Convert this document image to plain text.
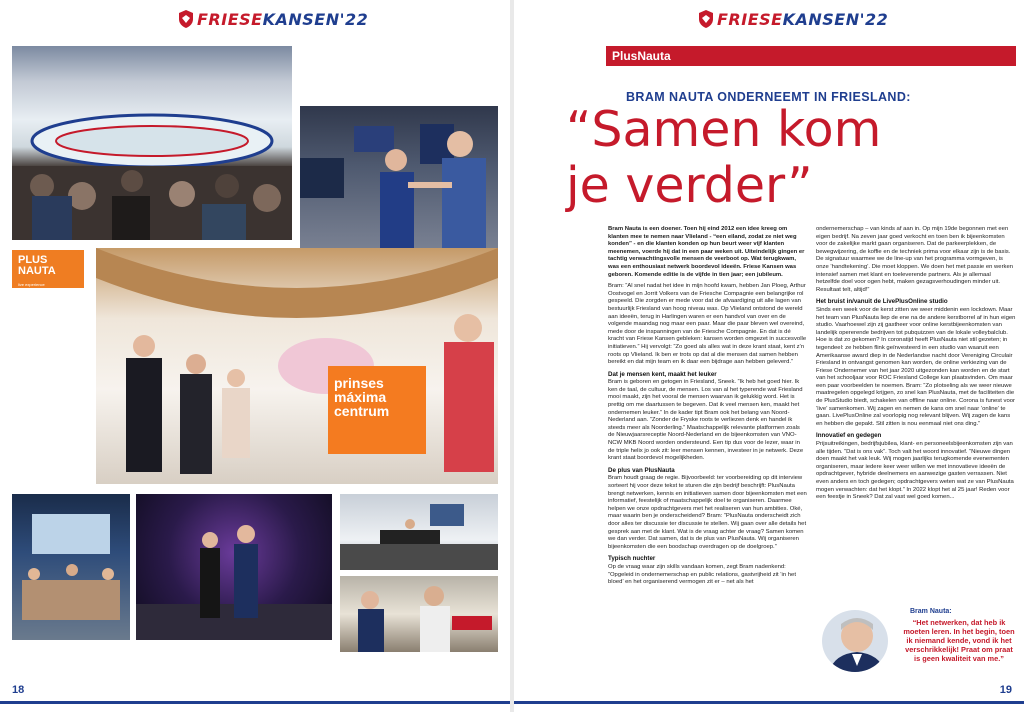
FRIESEKANSEN'22
PLUS
NAUTA
live experience
prinses
máxima
centrum
18
FRIESEKANSEN'22
PlusNauta
BRAM NAUTA ONDERNEEMT IN FRIESLAND:
“Samen kom
je verder”

Bram Nauta is een doener. Toen hij eind 2012 een idee kreeg om klanten mee te nemen naar Vlieland - “een eiland, zodat ze niet weg konden” - en die klanten konden op hun beurt weer vijf klanten meenemen, voerde hij dat in een paar weken uit. Uiteindelijk gingen er tachtig verwachtingsvolle mensen de veerboot op. Wat terugkwam, was een enthousiast netwerk boordevol ideeën. Friese Kansen was geboren. Komende editie is de vijfde in tien jaar; een jubileum.

Bram: “Al snel nadat het idee in mijn hoofd kwam, hebben Jan Ploeg, Arthur Oostvogel en Jorrit Volkers van de Friesche Compagnie een belangrijke rol gespeeld. Die zorgden er mede voor dat de afvaardiging uit alle lagen van bestuurlijk Friesland van hoog niveau was. Op Vlieland ontstond de wereld aan ideeën, terug in Harlingen waren er een handvol van over en de volgende maandag nog maar een paar. Maar die paar bleven wel overeind, mede door de inspanningen van de Friesche Compagnie. En dat is dé kracht van Friese Kansen gebleken: kansen worden omgezet in succesvolle initiatieven.” Hij vervolgt: “Zo goed als alles wat in deze krant staat, kent z’n roots op Vlieland. Ik ben er trots op dat al die mensen dat samen hebben bereikt en dat mijn team en ik daar een bijdrage aan hebben geleverd.”

Dat je mensen kent, maakt het leuker

Bram is geboren en getogen in Friesland, Sneek. “Ik heb het goed hier. Ik ken de taal, de cultuur, de mensen. Los van al het typerende wat Friesland mooi maakt, zijn het vooral de mensen waarvan ik gelukkig word. Het is prettig om me daartussen te begeven. Dat ik veel mensen ken, maakt het ondernemen leuker.” In de kader tipt Bram ook het belang van Noord-Nederland aan. “Zonder de Fryske roots te verliezen denk en handel ik steeds meer als Noorderling.” Maatschappelijk relevante platformen zoals de Nieuwjaarsreceptie Noord-Nederland en de bijeenkomsten van VNO-NCW MKB Noord worden ondersteund. Een tip dus voor de lezer, waar in de triple helix jo ook zit: leer mensen kennen, investeer in je netwerk. Deze krant staat boordevol mogelijkheden.

De plus van PlusNauta

Bram houdt graag de regie. Bijvoorbeeld: ter voorbereiding op dit interview sorteert hij voor deze tekst te sturen die zijn bedrijf beschrijft: PlusNauta brengt netwerken, kennis en initiatieven samen door bijeenkomsten met een informatief, feestelijk of maatschappelijk doel te organiseren. Daarmee helpen we onze opdrachtgevers met het realiseren van hun ambities. Oké, maar waarin ben je onderscheidend? Bram: “PlusNauta onderscheidt zich door alles ter discussie ter discussie te stellen. Wij gaan over alle details het gesprek aan met de klant. Wat is de vraag achter de vraag? Samen komen we dan verder. Dat samen, dat is de plus van PlusNauta. Wij organiseren bijeenkomsten die een boodschap overdragen op de doelgroep.”

Typisch nuchter

Op de vraag waar zijn skills vandaan komen, zegt Bram nadenkend: “Opgeleid in ondernemerschap en public relations, gastvrijheid zit ‘in het bloed’ en het organiserend vermogen zit er – net als het

ondernemerschap – van kinds af aan in. Op mijn 19de begonnen met een eigen bedrijf. Na zeven jaar goed verkocht en toen ben ik bijeenkomsten voor de zakelijke markt gaan organiseren. Dat de parkeerplekken, de bewegwijzering, de koffie en de techniek prima voor elkaar zijn is de basis. De signatuur waarmee we de line-up van het programma vormgeven, is onze ‘handtekening’. Die moet kloppen. We doen het met passie en werken intensief samen met klant en toeleverende partners. Als je allemaal hetzelfde doel voor ogen hebt, maken gezagsverhoudingen minder uit. Resultaat telt, altijd!”

Het bruist in/vanuit de LivePlusOnline studio

Sinds een week voor de kerst zitten we weer middenin een lockdown. Maar het team van PlusNauta liep de ene na de andere kerstborrel af in hun eigen studio. Vaarhoewel zijn zij gastheer voor online kerstbijeenkomsten van landelijk opererende bedrijven tot pubquizzen van de lokale volleybalclub. Hoe is dat zo gekomen? In coronatijd heeft PlusNauta niet stil gezeten; in tegendeel: ze hebben flink geïnvesteerd in een studio van waaruit een Amerikaanse award diep in de Nederlandse nacht door Vereniging Circulair Friesland in ontvangst genomen kan worden, de online verkiezing van de Friese Ondernemer van het jaar 2020 uitgezonden kan worden en de start van het schooljaar voor ROC Friesland College kan plaatsvinden. Om maar een paar voorbeelden te noemen. Bram: “Zo plotseling als we weer nieuwe maatregelen opgelegd krijgen, zo snel kan PlusNauta, met de faciliteiten die de PlusStudio biedt, schakelen van offline naar online. Corona is funest voor ‘live’ samenkomen. Wij zagen en nemen de kans om snel naar ‘online’ te gaan. LivePlusOnline zal voorlopig nog relevant blijven. Wij zagen de kans en hebben die gepakt. Stil zitten is nou eenmaal niet ons ding.”

Innovatief en gedegen

Prijsuitreikingen, bedrijfsjubilea, klant- en personeelsbijeenkomsten zijn van alle tijden. “Dat is ons vak”. Toch valt het woord innovatief. “Nieuwe dingen doen maakt het vak leuk. Wij mogen jaarlijks terugkomende evenementen organiseren, maar iedere keer weer willen we met innovatieve ideeën de opdrachtgever, hybride deelnemers en aanwezige gasten verrassen. Niet even anders en toch gedegen; opdrachtgevers weten wat ze van PlusNauta mogen verwachten: dat het klopt.” In 2022 klopt het al 25 jaar! Reden voor een feestje in Sneek? Dat zal vast wel goed komen...

Bram Nauta:
“Het netwerken, dat heb ik moeten leren. In het begin, toen ik niemand kende, vond ik het verschrikkelijk! Praat om praat is geen kwaliteit van me.”
19
